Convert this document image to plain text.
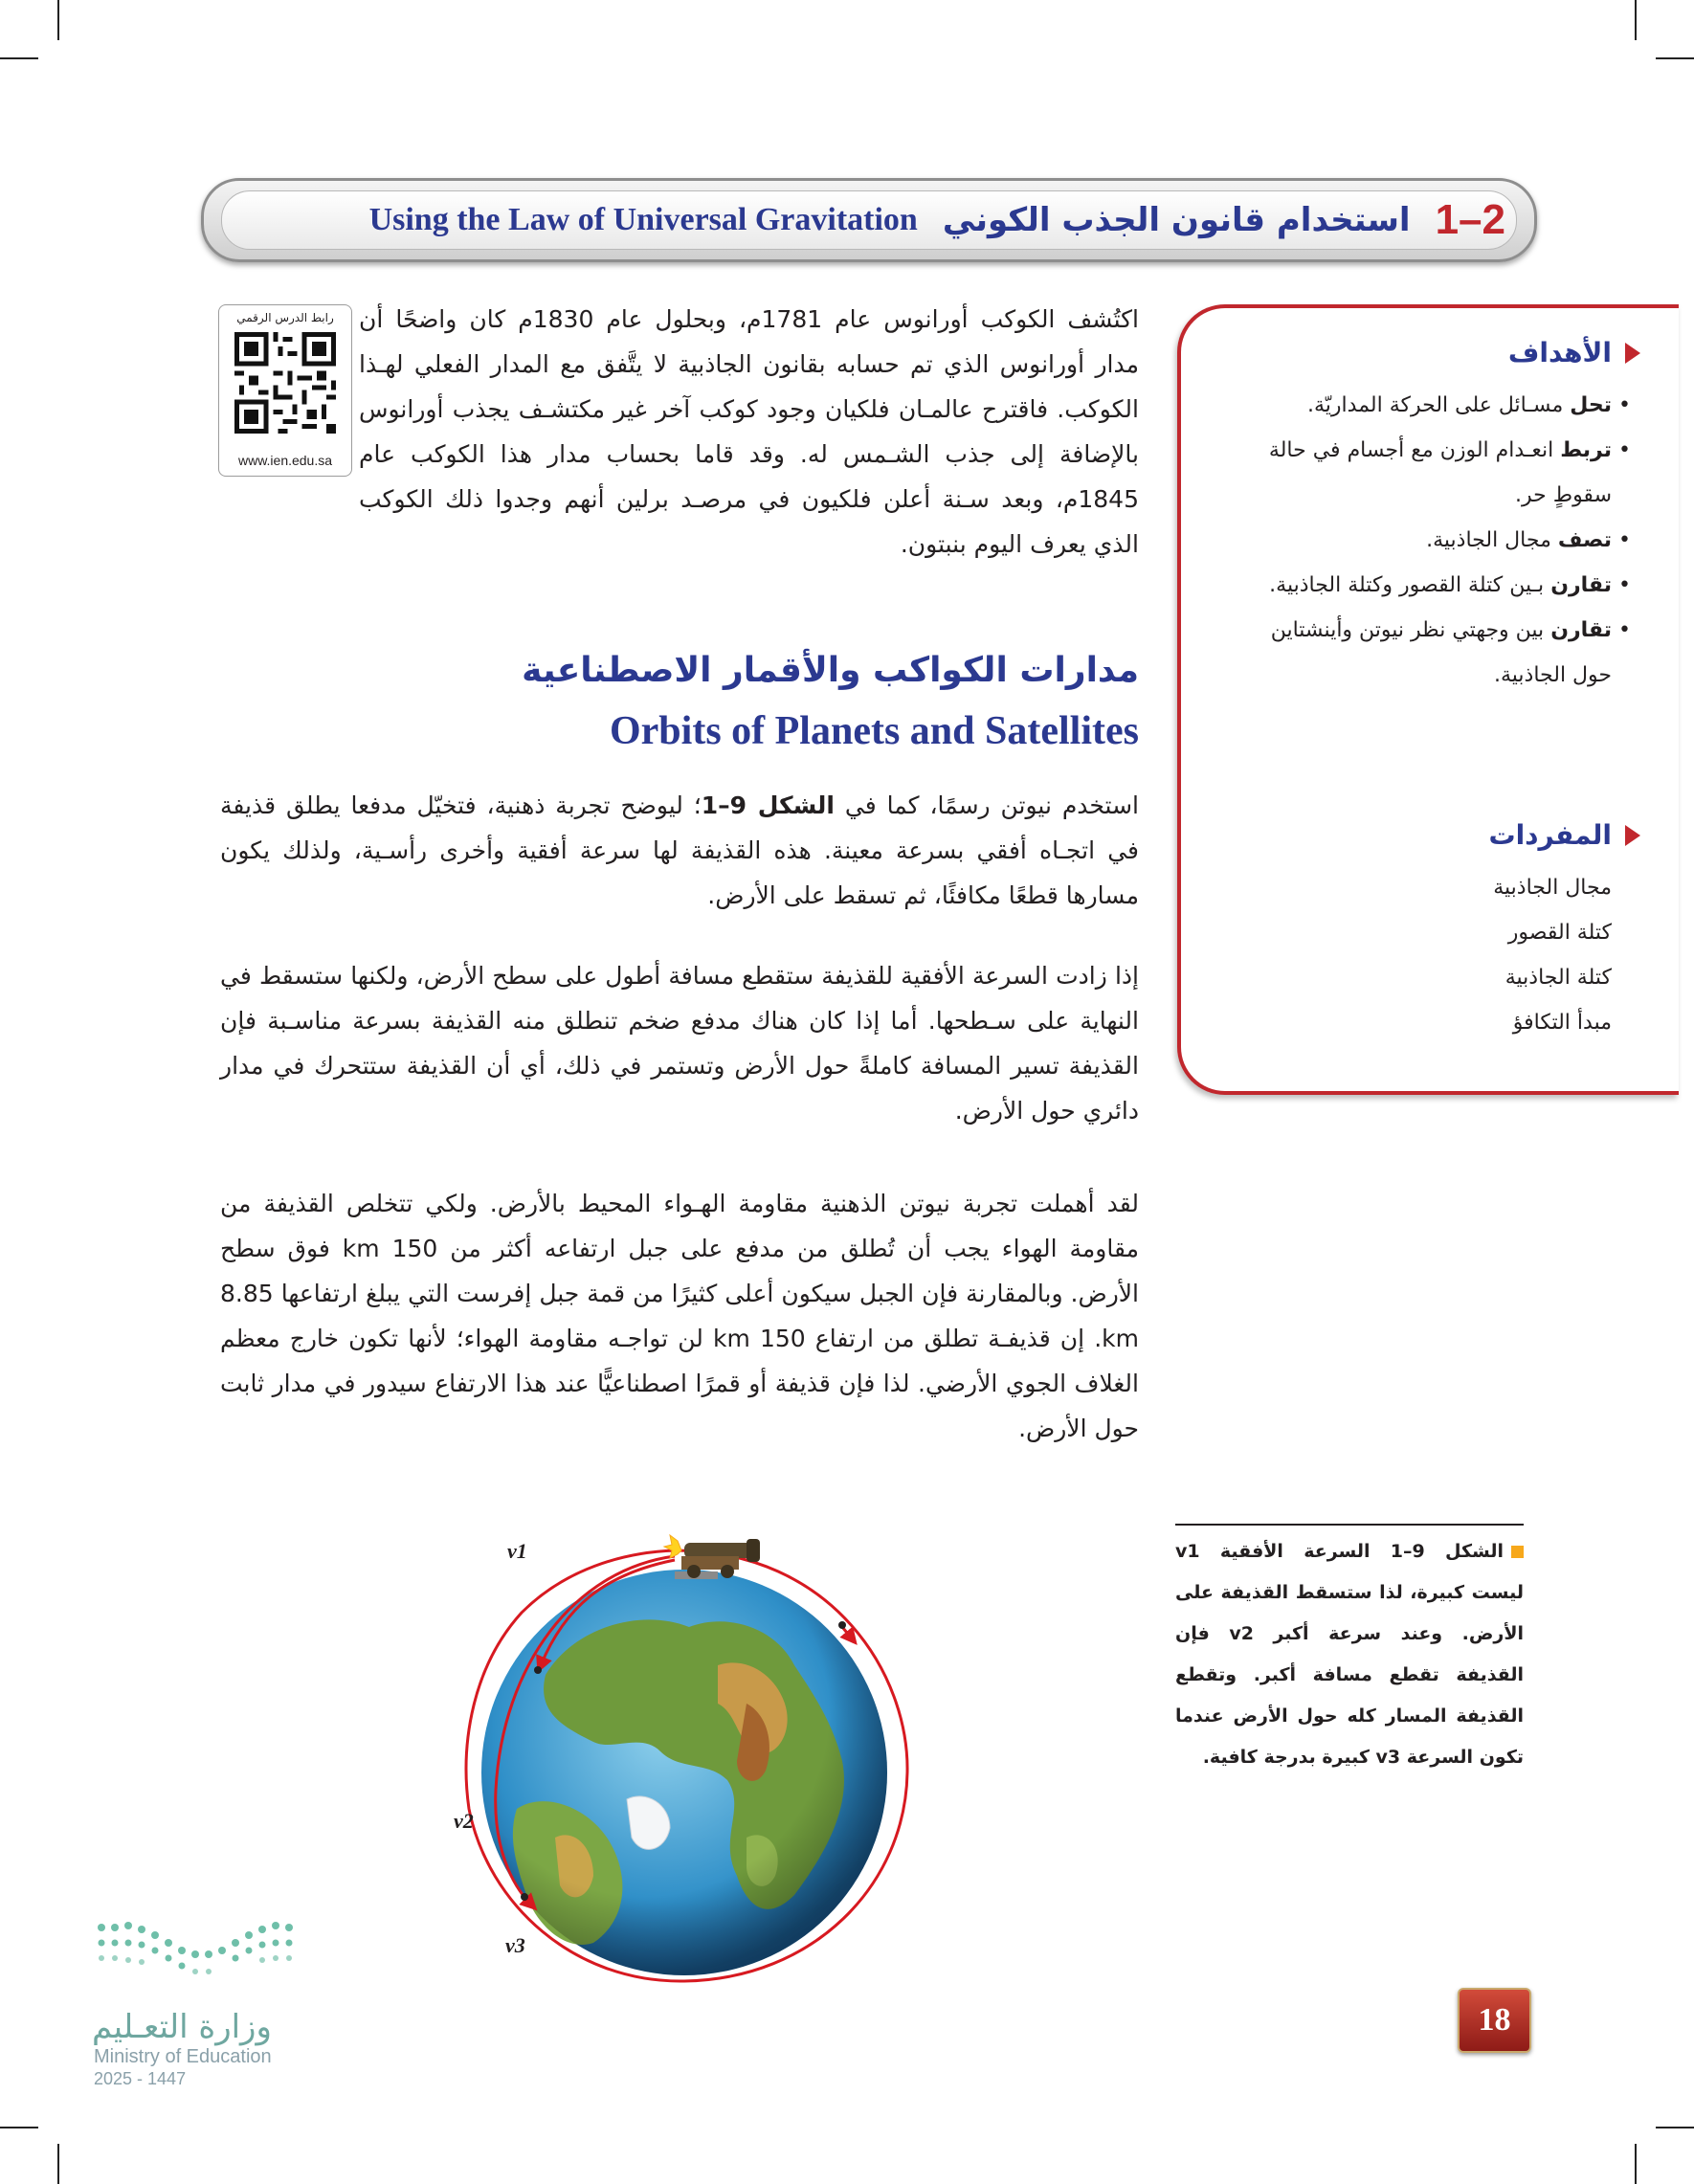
Using the Law of Universal Gravitation استخدام قانون الجذب الكوني 1–2
رابط الدرس الرقمي
www.ien.edu.sa
اكتُشف الكوكب أورانوس عام 1781م، وبحلول عام 1830م كان واضحًا أن مدار أورانوس الذي تم حسابه بقانون الجاذبية لا يتَّفق مع المدار الفعلي لهـذا الكوكب. فاقترح عالمـان فلكيان وجود كوكب آخر غير مكتشـف يجذب أورانوس بالإضافة إلى جذب الشـمس له. وقد قاما بحساب مدار هذا الكوكب عام 1845م، وبعد سـنة أعلن فلكيون في مرصـد برلين أنهم وجدوا ذلك الكوكب الذي يعرف اليوم بنبتون.
مدارات الكواكب والأقمار الاصطناعية
Orbits of Planets and Satellites
استخدم نيوتن رسمًا، كما في الشكل 9–1؛ ليوضح تجربة ذهنية، فتخيّل مدفعا يطلق قذيفة في اتجـاه أفقي بسرعة معينة. هذه القذيفة لها سرعة أفقية وأخرى رأسـية، ولذلك يكون مسارها قطعًا مكافئًا، ثم تسقط على الأرض.
إذا زادت السرعة الأفقية للقذيفة ستقطع مسافة أطول على سطح الأرض، ولكنها ستسقط في النهاية على سـطحها. أما إذا كان هناك مدفع ضخم تنطلق منه القذيفة بسرعة مناسـبة فإن القذيفة تسير المسافة كاملةً حول الأرض وتستمر في ذلك، أي أن القذيفة ستتحرك في مدار دائري حول الأرض.
لقد أهملت تجربة نيوتن الذهنية مقاومة الهـواء المحيط بالأرض. ولكي تتخلص القذيفة من مقاومة الهواء يجب أن تُطلق من مدفع على جبل ارتفاعه أكثر من 150 km فوق سطح الأرض. وبالمقارنة فإن الجبل سيكون أعلى كثيرًا من قمة جبل إفرست التي يبلغ ارتفاعها 8.85 km. إن قذيفـة تطلق من ارتفاع 150 km لن تواجـه مقاومة الهواء؛ لأنها تكون خارج معظم الغلاف الجوي الأرضي. لذا فإن قذيفة أو قمرًا اصطناعيًّا عند هذا الارتفاع سيدور في مدار ثابت حول الأرض.
الأهداف
• تحل مسـائل على الحركة المداريّة.
• تربط انعـدام الوزن مع أجسام في حالة سقوطٍ حر.
• تصف مجال الجاذبية.
• تقارن بـين كتلة القصور وكتلة الجاذبية.
• تقارن بين وجهتي نظر نيوتن وأينشتاين حول الجاذبية.
المفردات
مجال الجاذبية
كتلة القصور
كتلة الجاذبية
مبدأ التكافؤ
الشكل 9–1 السرعة الأفقية v1 ليست كبيرة، لذا ستسقط القذيفة على الأرض. وعند سرعة أكبر v2 فإن القذيفة تقطع مسافة أكبر. وتقطع القذيفة المسار كله حول الأرض عندما تكون السرعة v3 كبيرة بدرجة كافية.
v1
v2
v3
وزارة التعـليم
Ministry of Education
2025 - 1447
18
